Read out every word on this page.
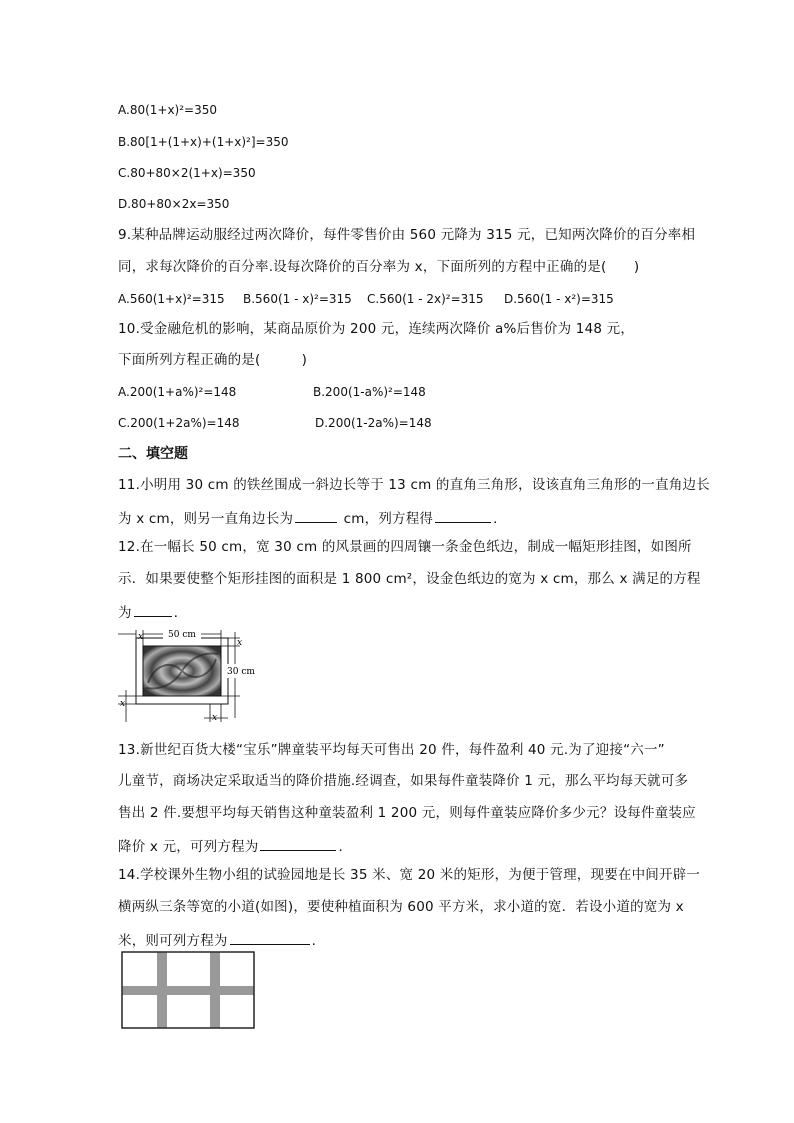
A.80(1+x)²=350
B.80[1+(1+x)+(1+x)²]=350
C.80+80×2(1+x)=350
D.80+80×2x=350
9.某种品牌运动服经过两次降价，每件零售价由 560 元降为 315 元，已知两次降价的百分率相
同，求每次降价的百分率.设每次降价的百分率为 x，下面所列的方程中正确的是(　　)
A.560(1+x)²=315 B.560(1 - x)²=315 C.560(1 - 2x)²=315 D.560(1 - x²)=315
10.受金融危机的影响，某商品原价为 200 元，连续两次降价 a%后售价为 148 元，
下面所列方程正确的是(　　　)
A.200(1+a%)²=148	B.200(1-a%)²=148
C.200(1+2a%)=148	D.200(1-2a%)=148
二、填空题
11.小明用 30 cm 的铁丝围成一斜边长等于 13 cm 的直角三角形，设该直角三角形的一直角边长
为 x cm，则另一直角边长为	cm，列方程得	.
12.在一幅长 50 cm，宽 30 cm 的风景画的四周镶一条金色纸边，制成一幅矩形挂图，如图所
示．如果要使整个矩形挂图的面积是 1 800 cm²，设金色纸边的宽为 x cm，那么 x 满足的方程
为	．
50 cm
x
30 cm
x
x
x
13.新世纪百货大楼“宝乐”牌童装平均每天可售出 20 件，每件盈利 40 元.为了迎接“六一”
儿童节，商场决定采取适当的降价措施.经调查，如果每件童装降价 1 元，那么平均每天就可多
售出 2 件.要想平均每天销售这种童装盈利 1 200 元，则每件童装应降价多少元？设每件童装应
降价 x 元，可列方程为	.
14.学校课外生物小组的试验园地是长 35 米、宽 20 米的矩形，为便于管理，现要在中间开辟一
横两纵三条等宽的小道(如图)，要使种植面积为 600 平方米，求小道的宽．若设小道的宽为 x
米，则可列方程为	.
